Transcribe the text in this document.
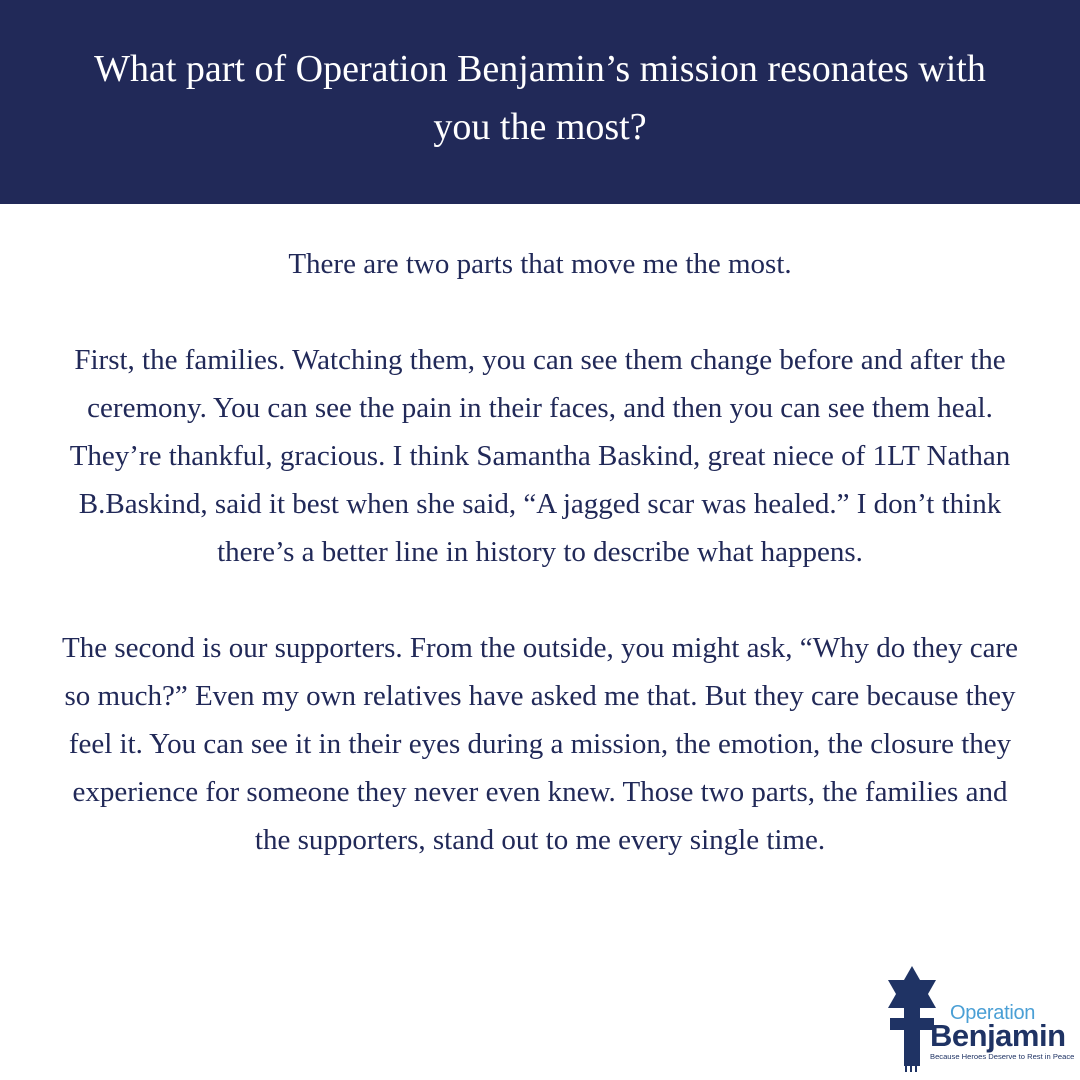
What part of Operation Benjamin’s mission resonates with you the most?

There are two parts that move me the most.

First, the families. Watching them, you can see them change before and after the ceremony. You can see the pain in their faces, and then you can see them heal. They’re thankful, gracious. I think Samantha Baskind, great niece of 1LT Nathan B.Baskind, said it best when she said, “A jagged scar was healed.” I don’t think there’s a better line in history to describe what happens.

The second is our supporters. From the outside, you might ask, “Why do they care so much?” Even my own relatives have asked me that. But they care because they feel it. You can see it in their eyes during a mission, the emotion, the closure they experience for someone they never even knew. Those two parts, the families and the supporters, stand out to me every single time.

Operation
Benjamin
Because Heroes Deserve to Rest in Peace
